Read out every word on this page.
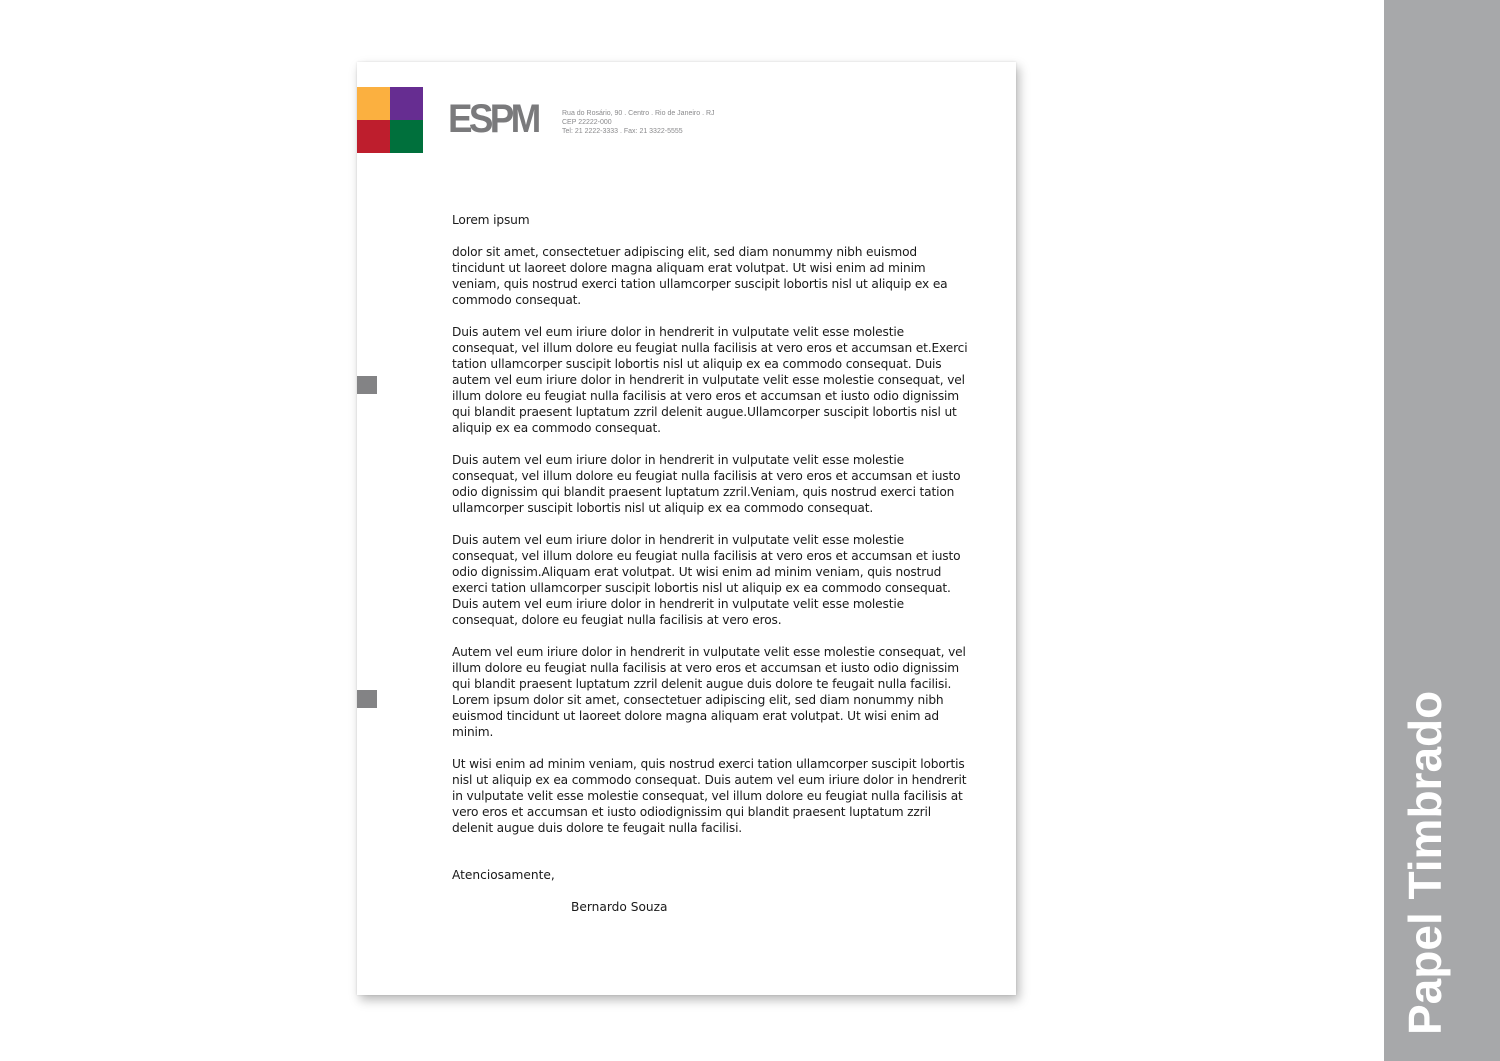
Papel Timbrado
ESPM	Rua do Rosário, 90 . Centro . Rio de Janeiro . RJ
CEP 22222-000
Tel: 21 2222-3333 . Fax: 21 3322-5555

Lorem ipsum

dolor sit amet, consectetuer adipiscing elit, sed diam nonummy nibh euismod tincidunt ut laoreet dolore magna aliquam erat volutpat. Ut wisi enim ad minim veniam, quis nostrud exerci tation ullamcorper suscipit lobortis nisl ut aliquip ex ea commodo consequat.

Duis autem vel eum iriure dolor in hendrerit in vulputate velit esse molestie consequat, vel illum dolore eu feugiat nulla facilisis at vero eros et accumsan et.Exerci tation ullamcorper suscipit lobortis nisl ut aliquip ex ea commodo consequat. Duis autem vel eum iriure dolor in hendrerit in vulputate velit esse molestie consequat, vel illum dolore eu feugiat nulla facilisis at vero eros et accumsan et iusto odio dignissim qui blandit praesent luptatum zzril delenit augue.Ullamcorper suscipit lobortis nisl ut aliquip ex ea commodo consequat.

Duis autem vel eum iriure dolor in hendrerit in vulputate velit esse molestie consequat, vel illum dolore eu feugiat nulla facilisis at vero eros et accumsan et iusto odio dignissim qui blandit praesent luptatum zzril.Veniam, quis nostrud exerci tation ullamcorper suscipit lobortis nisl ut aliquip ex ea commodo consequat.

Duis autem vel eum iriure dolor in hendrerit in vulputate velit esse molestie consequat, vel illum dolore eu feugiat nulla facilisis at vero eros et accumsan et iusto odio dignissim.Aliquam erat volutpat. Ut wisi enim ad minim veniam, quis nostrud exerci tation ullamcorper suscipit lobortis nisl ut aliquip ex ea commodo consequat. Duis autem vel eum iriure dolor in hendrerit in vulputate velit esse molestie consequat, dolore eu feugiat nulla facilisis at vero eros.

Autem vel eum iriure dolor in hendrerit in vulputate velit esse molestie consequat, vel illum dolore eu feugiat nulla facilisis at vero eros et accumsan et iusto odio dignissim qui blandit praesent luptatum zzril delenit augue duis dolore te feugait nulla facilisi. Lorem ipsum dolor sit amet, consectetuer adipiscing elit, sed diam nonummy nibh euismod tincidunt ut laoreet dolore magna aliquam erat volutpat. Ut wisi enim ad minim.

Ut wisi enim ad minim veniam, quis nostrud exerci tation ullamcorper suscipit lobortis nisl ut aliquip ex ea commodo consequat. Duis autem vel eum iriure dolor in hendrerit in vulputate velit esse molestie consequat, vel illum dolore eu feugiat nulla facilisis at vero eros et accumsan et iusto odiodignissim qui blandit praesent luptatum zzril delenit augue duis dolore te feugait nulla facilisi.

Atenciosamente,
Bernardo Souza
